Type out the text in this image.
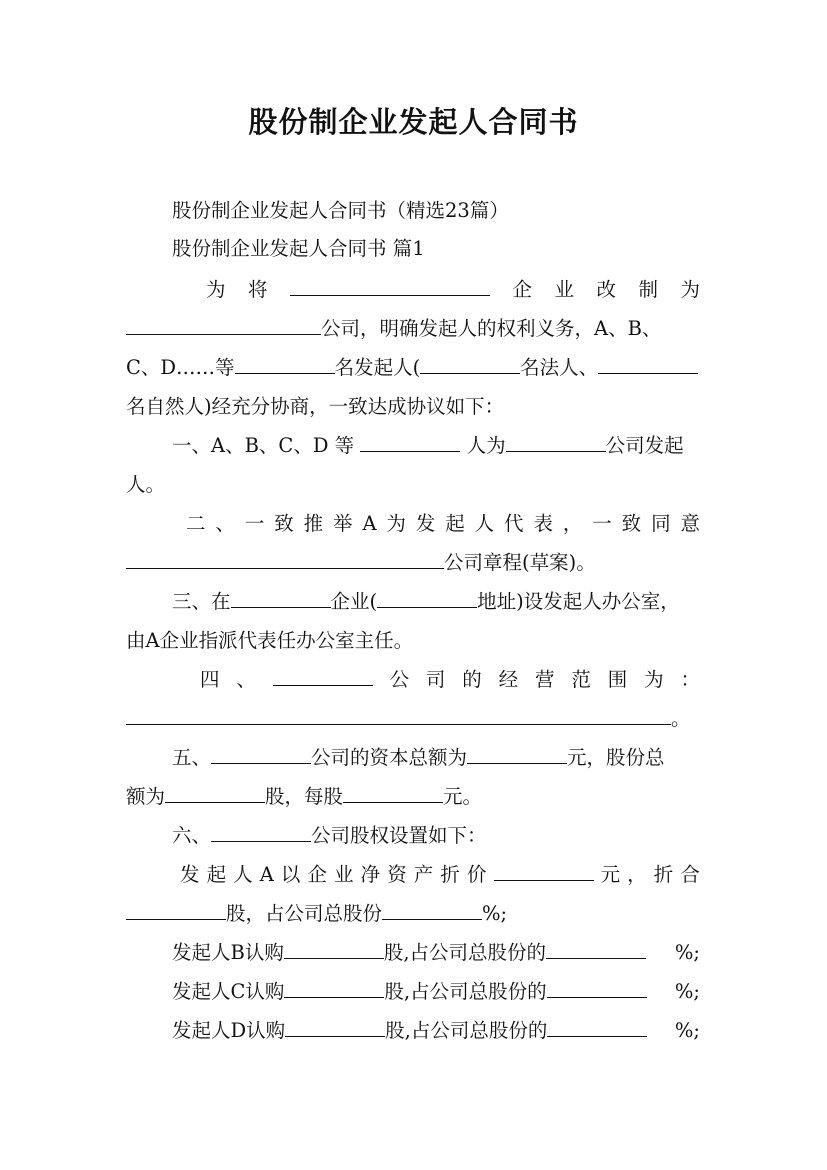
股份制企业发起人合同书
股份制企业发起人合同书（精选23篇）
股份制企业发起人合同书 篇1
为 将	企 业 改 制 为
公司，明确发起人的权利义务，A、B、
C、D……等	名发起人(	名法人、
名自然人)经充分协商，一致达成协议如下：
一、A、B、C、D 等	人为	公司发起
人。
二 、 一 致 推 举 A 为 发 起 人 代 表 ， 一 致 同 意
公司章程(草案)。
三、在	企业(	地址)设发起人办公室，
由A企业指派代表任办公室主任。
四 、	公 司 的 经 营 范 围 为 ：
。
五、	公司的资本总额为	元，股份总
额为	股，每股	元。
六、	公司股权设置如下：
发 起 人 A 以 企 业 净 资 产 折 价	元 ， 折 合
股，占公司总股份	%;
发起人B认购	股,占公司总股份的	%;
发起人C认购	股,占公司总股份的	%;
发起人D认购	股,占公司总股份的	%;
